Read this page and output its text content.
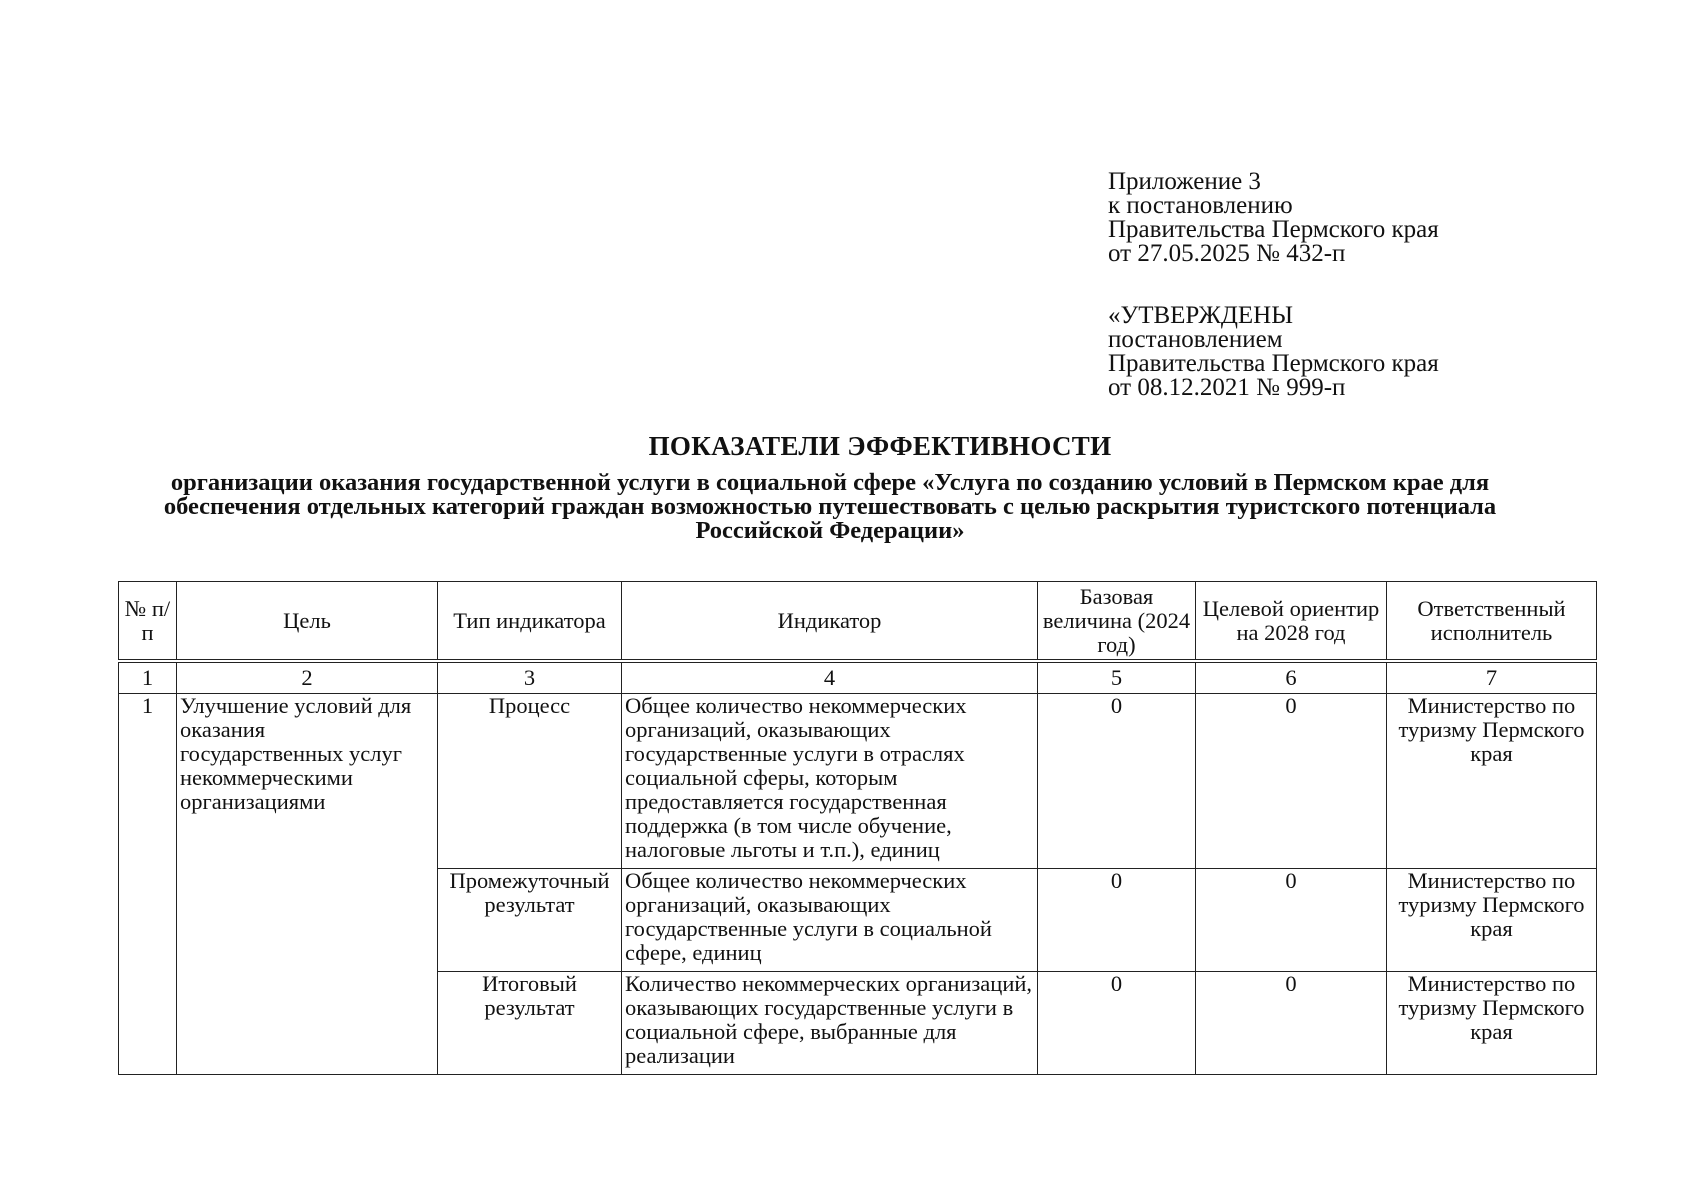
Приложение 3
к постановлению
Правительства Пермского края
от 27.05.2025 № 432-п
«УТВЕРЖДЕНЫ
постановлением
Правительства Пермского края
от 08.12.2021 № 999-п
ПОКАЗАТЕЛИ ЭФФЕКТИВНОСТИ
организации оказания государственной услуги в социальной сфере «Услуга по созданию условий в Пермском крае для обеспечения отдельных категорий граждан возможностью путешествовать с целью раскрытия туристского потенциала Российской Федерации»
№ п/п	Цель	Тип индикатора	Индикатор	Базовая величина (2024 год)	Целевой ориентир на 2028 год	Ответственный исполнитель
1	2	3	4	5	6	7
1	Улучшение условий для оказания государственных услуг некоммерческими организациями	Процесс	Общее количество некоммерческих организаций, оказывающих государственные услуги в отраслях социальной сферы, которым предоставляется государственная поддержка (в том числе обучение, налоговые льготы и т.п.), единиц	0	0	Министерство по туризму Пермского края
		Промежуточный результат	Общее количество некоммерческих организаций, оказывающих государственные услуги в социальной сфере, единиц	0	0	Министерство по туризму Пермского края
		Итоговый результат	Количество некоммерческих организаций, оказывающих государственные услуги в социальной сфере, выбранные для реализации	0	0	Министерство по туризму Пермского края
